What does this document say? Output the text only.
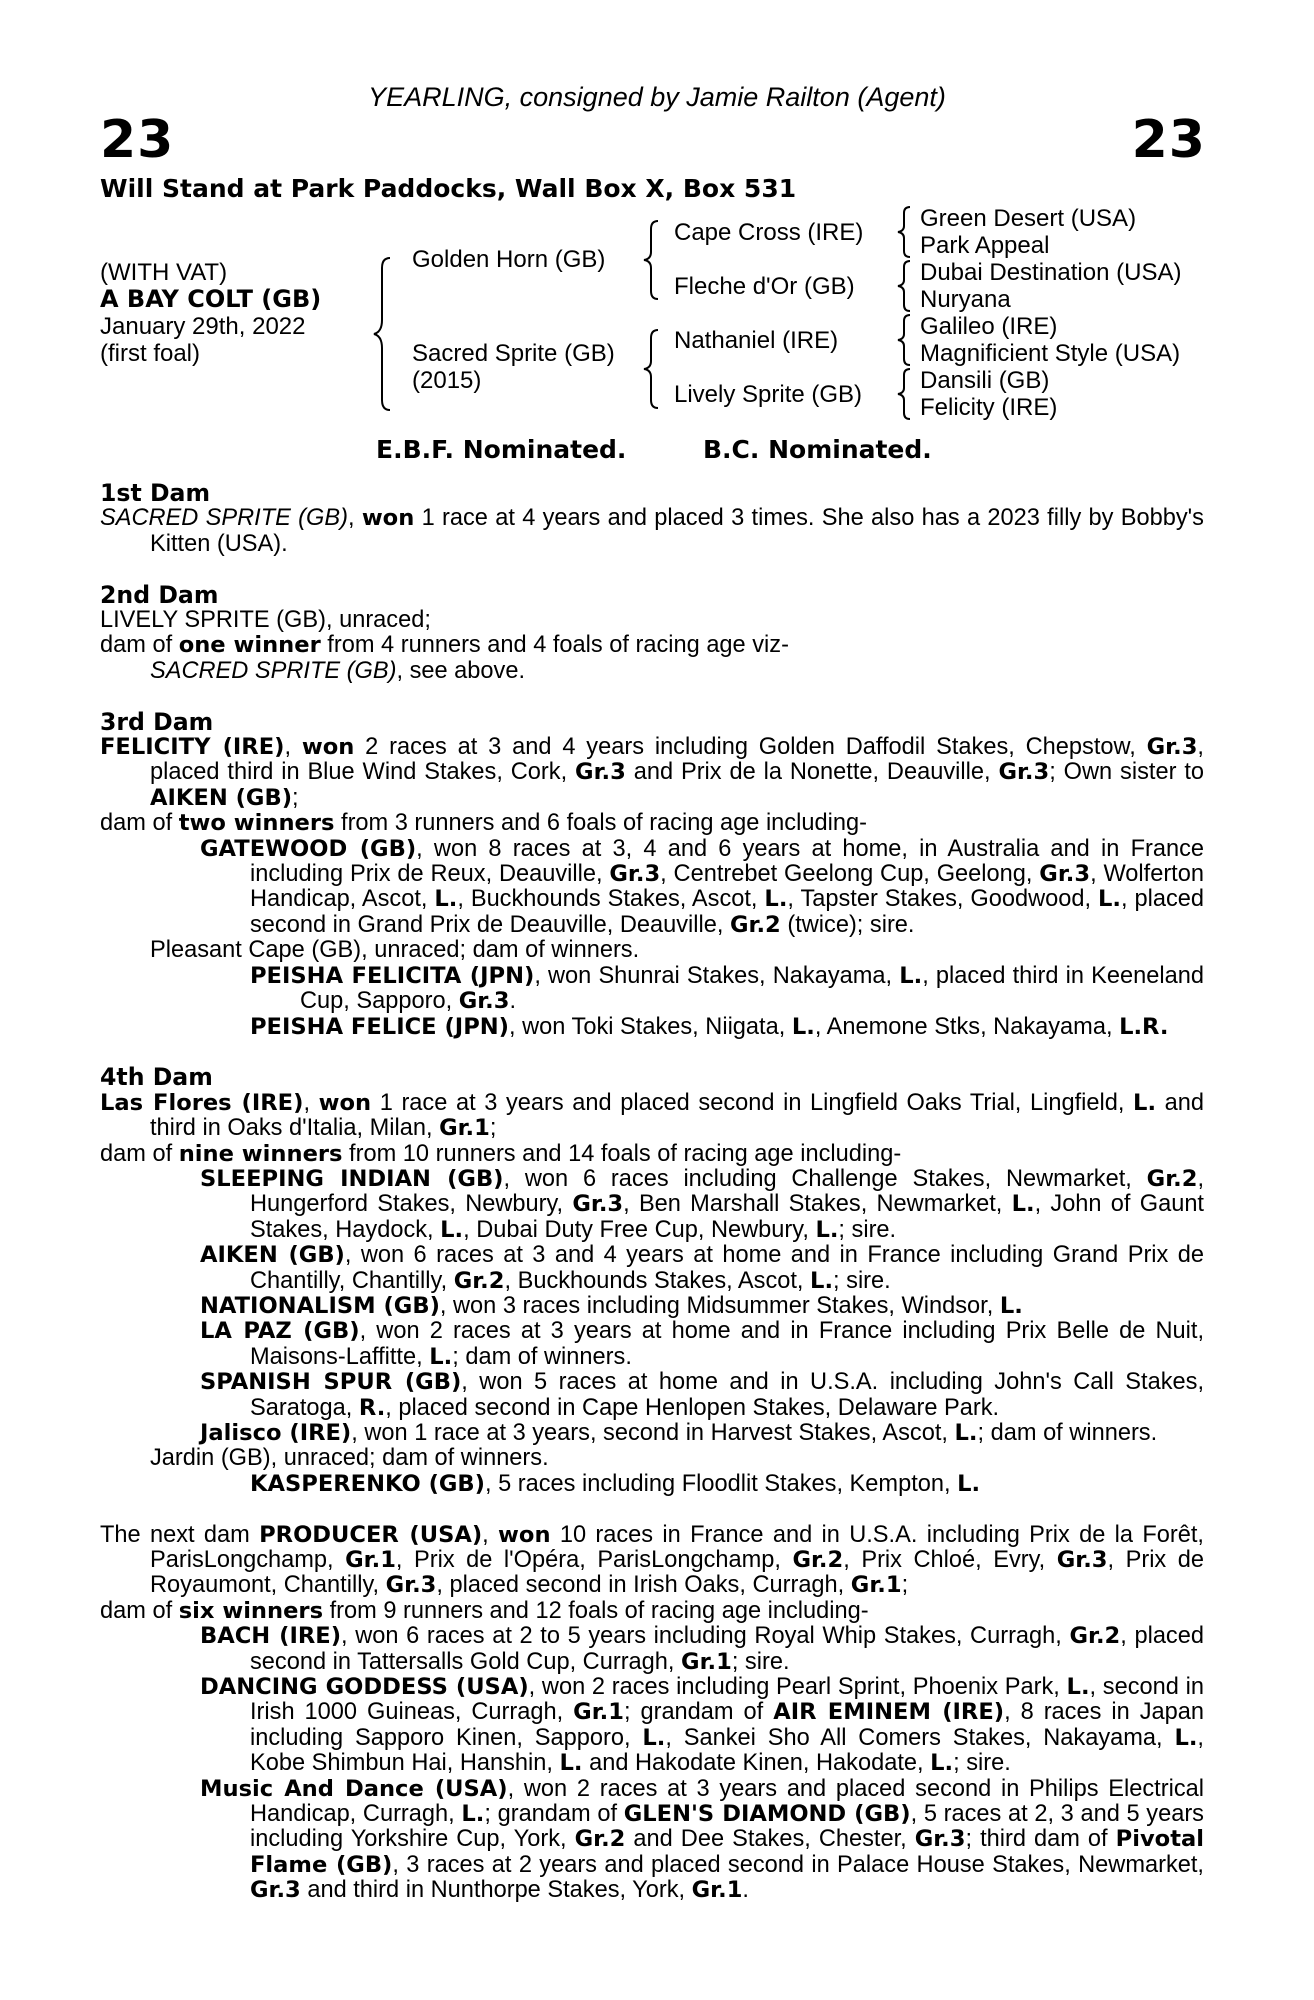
YEARLING, consigned by Jamie Railton (Agent)
23	23
Will Stand at Park Paddocks, Wall Box X, Box 531
(WITH VAT)
A BAY COLT (GB)
January 29th, 2022
(first foal)
Golden Horn (GB)
Sacred Sprite (GB)
(2015)
Cape Cross (IRE)
Fleche d'Or (GB)
Nathaniel (IRE)
Lively Sprite (GB)
Green Desert (USA)
Park Appeal
Dubai Destination (USA)
Nuryana
Galileo (IRE)
Magnificient Style (USA)
Dansili (GB)
Felicity (IRE)
E.B.F. Nominated.	B.C. Nominated.
1st Dam

SACRED SPRITE (GB), won 1 race at 4 years and placed 3 times. She also has a 2023 filly by Bobby's Kitten (USA).

2nd Dam

LIVELY SPRITE (GB), unraced;

dam of one winner from 4 runners and 4 foals of racing age viz-

SACRED SPRITE (GB), see above.

3rd Dam

FELICITY (IRE), won 2 races at 3 and 4 years including Golden Daffodil Stakes, Chepstow, Gr.3, placed third in Blue Wind Stakes, Cork, Gr.3 and Prix de la Nonette, Deauville, Gr.3; Own sister to AIKEN (GB);

dam of two winners from 3 runners and 6 foals of racing age including-

GATEWOOD (GB), won 8 races at 3, 4 and 6 years at home, in Australia and in France including Prix de Reux, Deauville, Gr.3, Centrebet Geelong Cup, Geelong, Gr.3, Wolferton Handicap, Ascot, L., Buckhounds Stakes, Ascot, L., Tapster Stakes, Goodwood, L., placed second in Grand Prix de Deauville, Deauville, Gr.2 (twice); sire.

Pleasant Cape (GB), unraced; dam of winners.

PEISHA FELICITA (JPN), won Shunrai Stakes, Nakayama, L., placed third in Keeneland Cup, Sapporo, Gr.3.

PEISHA FELICE (JPN), won Toki Stakes, Niigata, L., Anemone Stks, Nakayama, L.R.

4th Dam

Las Flores (IRE), won 1 race at 3 years and placed second in Lingfield Oaks Trial, Lingfield, L. and third in Oaks d'Italia, Milan, Gr.1;

dam of nine winners from 10 runners and 14 foals of racing age including-

SLEEPING INDIAN (GB), won 6 races including Challenge Stakes, Newmarket, Gr.2, Hungerford Stakes, Newbury, Gr.3, Ben Marshall Stakes, Newmarket, L., John of Gaunt Stakes, Haydock, L., Dubai Duty Free Cup, Newbury, L.; sire.

AIKEN (GB), won 6 races at 3 and 4 years at home and in France including Grand Prix de Chantilly, Chantilly, Gr.2, Buckhounds Stakes, Ascot, L.; sire.

NATIONALISM (GB), won 3 races including Midsummer Stakes, Windsor, L.

LA PAZ (GB), won 2 races at 3 years at home and in France including Prix Belle de Nuit, Maisons-Laffitte, L.; dam of winners.

SPANISH SPUR (GB), won 5 races at home and in U.S.A. including John's Call Stakes, Saratoga, R., placed second in Cape Henlopen Stakes, Delaware Park.

Jalisco (IRE), won 1 race at 3 years, second in Harvest Stakes, Ascot, L.; dam of winners.

Jardin (GB), unraced; dam of winners.

KASPERENKO (GB), 5 races including Floodlit Stakes, Kempton, L.

The next dam PRODUCER (USA), won 10 races in France and in U.S.A. including Prix de la Forêt, ParisLongchamp, Gr.1, Prix de l'Opéra, ParisLongchamp, Gr.2, Prix Chloé, Evry, Gr.3, Prix de Royaumont, Chantilly, Gr.3, placed second in Irish Oaks, Curragh, Gr.1;

dam of six winners from 9 runners and 12 foals of racing age including-

BACH (IRE), won 6 races at 2 to 5 years including Royal Whip Stakes, Curragh, Gr.2, placed second in Tattersalls Gold Cup, Curragh, Gr.1; sire.

DANCING GODDESS (USA), won 2 races including Pearl Sprint, Phoenix Park, L., second in Irish 1000 Guineas, Curragh, Gr.1; grandam of AIR EMINEM (IRE), 8 races in Japan including Sapporo Kinen, Sapporo, L., Sankei Sho All Comers Stakes, Nakayama, L., Kobe Shimbun Hai, Hanshin, L. and Hakodate Kinen, Hakodate, L.; sire.

Music And Dance (USA), won 2 races at 3 years and placed second in Philips Electrical Handicap, Curragh, L.; grandam of GLEN'S DIAMOND (GB), 5 races at 2, 3 and 5 years including Yorkshire Cup, York, Gr.2 and Dee Stakes, Chester, Gr.3; third dam of Pivotal Flame (GB), 3 races at 2 years and placed second in Palace House Stakes, Newmarket, Gr.3 and third in Nunthorpe Stakes, York, Gr.1.
